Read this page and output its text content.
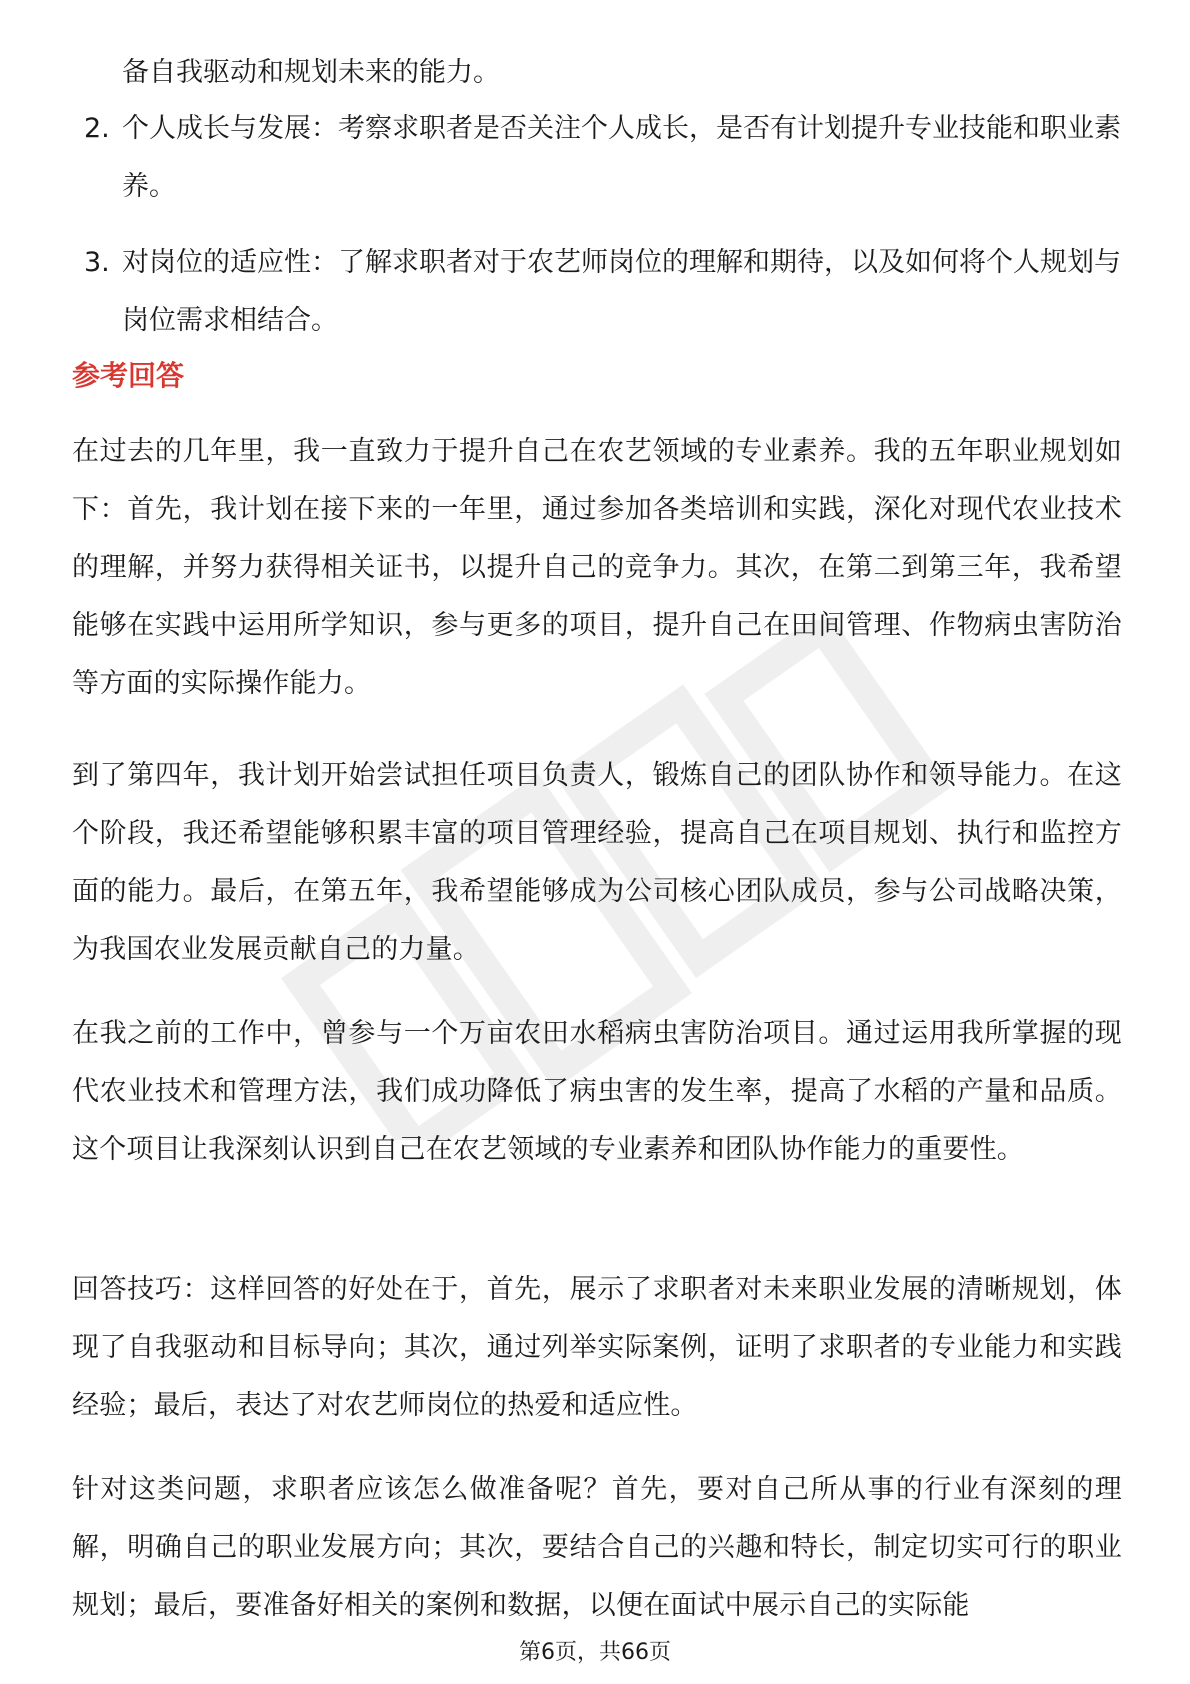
备自我驱动和规划未来的能力。

2. 个人成长与发展：考察求职者是否关注个人成长，是否有计划提升专业技能和职业素养。
3. 对岗位的适应性：了解求职者对于农艺师岗位的理解和期待，以及如何将个人规划与岗位需求相结合。
参考回答

在过去的几年里，我一直致力于提升自己在农艺领域的专业素养。我的五年职业规划如下：首先，我计划在接下来的一年里，通过参加各类培训和实践，深化对现代农业技术的理解，并努力获得相关证书，以提升自己的竞争力。其次，在第二到第三年，我希望能够在实践中运用所学知识，参与更多的项目，提升自己在田间管理、作物病虫害防治等方面的实际操作能力。

到了第四年，我计划开始尝试担任项目负责人，锻炼自己的团队协作和领导能力。在这个阶段，我还希望能够积累丰富的项目管理经验，提高自己在项目规划、执行和监控方面的能力。最后，在第五年，我希望能够成为公司核心团队成员，参与公司战略决策，为我国农业发展贡献自己的力量。

在我之前的工作中，曾参与一个万亩农田水稻病虫害防治项目。通过运用我所掌握的现代农业技术和管理方法，我们成功降低了病虫害的发生率，提高了水稻的产量和品质。这个项目让我深刻认识到自己在农艺领域的专业素养和团队协作能力的重要性。

回答技巧：这样回答的好处在于，首先，展示了求职者对未来职业发展的清晰规划，体现了自我驱动和目标导向；其次，通过列举实际案例，证明了求职者的专业能力和实践经验；最后，表达了对农艺师岗位的热爱和适应性。

针对这类问题，求职者应该怎么做准备呢？首先，要对自己所从事的行业有深刻的理解，明确自己的职业发展方向；其次，要结合自己的兴趣和特长，制定切实可行的职业规划；最后，要准备好相关的案例和数据，以便在面试中展示自己的实际能

第6页，共66页
